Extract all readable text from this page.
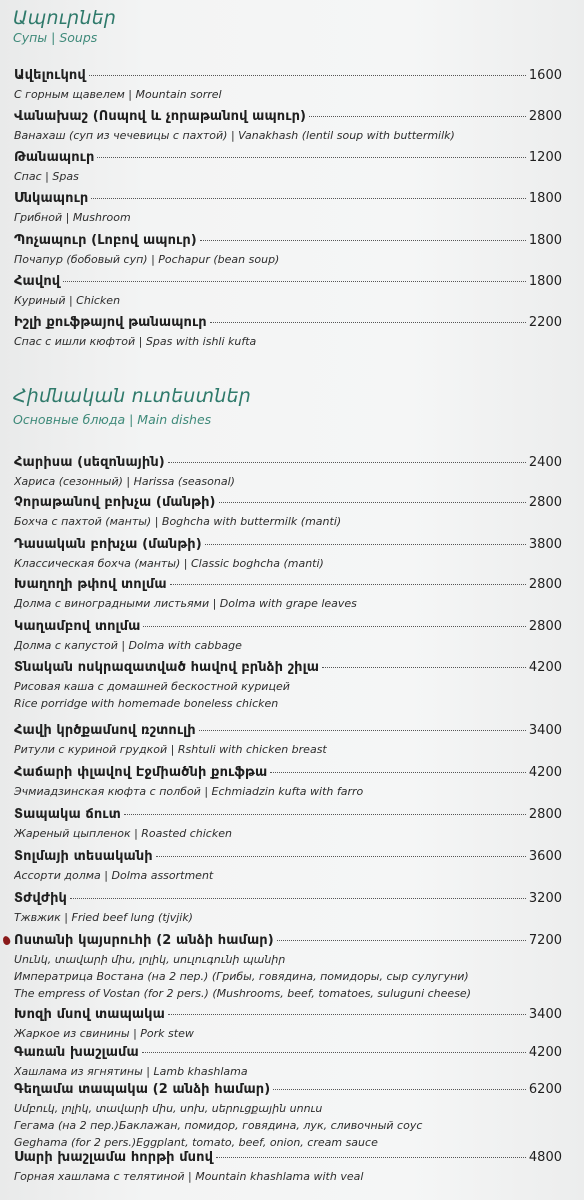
Ապուրներ
Супы | Soups
Ավելուկով	1600
С горным щавелем | Mountain sorrel
Վանախաշ (Ոսպով և չորաթանով ապուր)	2800
Ванахаш (суп из чечевицы с пахтой) | Vanakhash (lentil soup with buttermilk)
Թանապուր	1200
Спас | Spas
Սնկապուր	1800
Грибной | Mushroom
Պոչապուր (Լոբով ապուր)	1800
Почапур (бобовый суп) | Pochapur (bean soup)
Հավով	1800
Куриный | Chicken
Իշլի քուֆթայով թանապուր	2200
Спас с ишли кюфтой | Spas with ishli kufta
Հիմնական ուտեստներ
Основные блюда | Main dishes
Հարիսա (սեզոնային)	2400
Хариса (сезонный) | Harissa (seasonal)
Չորաթանով բոխչա (մանթի)	2800
Бохча с пахтой (манты) | Boghcha with buttermilk (manti)
Դասական բոխչա (մանթի)	3800
Классическая бохча (манты) | Classic boghcha (manti)
Խաղողի թփով տոլմա	2800
Долма с виноградными листьями | Dolma with grape leaves
Կաղամբով տոլմա	2800
Долма с капустой | Dolma with cabbage
Տնական ոսկրազատված հավով բրնձի շիլա	4200
Рисовая каша с домашней бескостной курицей
Rice porridge with homemade boneless chicken
Հավի կրծքամսով ռշտուլի	3400
Ритули с куриной грудкой | Rshtuli with chicken breast
Հաճարի փլավով Էջմիածնի քուֆթա	4200
Эчмиадзинская кюфта с полбой | Echmiadzin kufta with farro
Տապակա ճուտ	2800
Жареный цыпленок | Roasted chicken
Տոլմայի տեսականի	3600
Ассорти долма | Dolma assortment
Տժվժիկ	3200
Тжвжик | Fried beef lung (tjvjik)
Ոստանի կայսրուհի (2 անձի համար)	7200
Սունկ, տավարի միս, լոլիկ, սուլուգունի պանիր
Императрица Востана (на 2 пер.) (Грибы, говядина, помидоры, сыр сулугуни)
The empress of Vostan (for 2 pers.) (Mushrooms, beef, tomatoes, suluguni cheese)
Խոզի մսով տապակա	3400
Жаркое из свинины | Pork stew
Գառան խաշլամա	4200
Хашлама из ягнятины | Lamb khashlama
Գեղամա տապակա (2 անձի համար)	6200
Սմբուկ, լոլիկ, տավարի միս, սոխ, սերուցքային սոուս
Гегама (на 2 пер.)Баклажан, помидор, говядина, лук, сливочный соус
Geghama (for 2 pers.)Eggplant, tomato, beef, onion, cream sauce
Սարի խաշլամա հորթի մսով	4800
Горная хашлама с телятиной | Mountain khashlama with veal
